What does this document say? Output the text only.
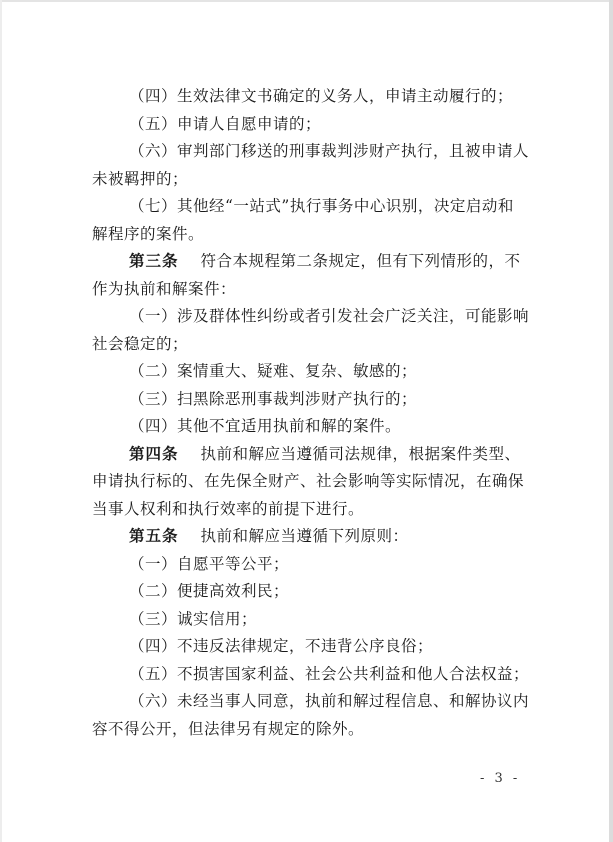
（四）生效法律文书确定的义务人，申请主动履行的；
（五）申请人自愿申请的；
（六）审判部门移送的刑事裁判涉财产执行，且被申请人
未被羁押的；
（七）其他经“一站式”执行事务中心识别，决定启动和
解程序的案件。
第三条 符合本规程第二条规定，但有下列情形的，不
作为执前和解案件：
（一）涉及群体性纠纷或者引发社会广泛关注，可能影响
社会稳定的；
（二）案情重大、疑难、复杂、敏感的；
（三）扫黑除恶刑事裁判涉财产执行的；
（四）其他不宜适用执前和解的案件。
第四条 执前和解应当遵循司法规律，根据案件类型、
申请执行标的、在先保全财产、社会影响等实际情况，在确保
当事人权利和执行效率的前提下进行。
第五条 执前和解应当遵循下列原则：
（一）自愿平等公平；
（二）便捷高效利民；
（三）诚实信用；
（四）不违反法律规定，不违背公序良俗；
（五）不损害国家利益、社会公共利益和他人合法权益；
（六）未经当事人同意，执前和解过程信息、和解协议内
容不得公开，但法律另有规定的除外。
- 3 -
